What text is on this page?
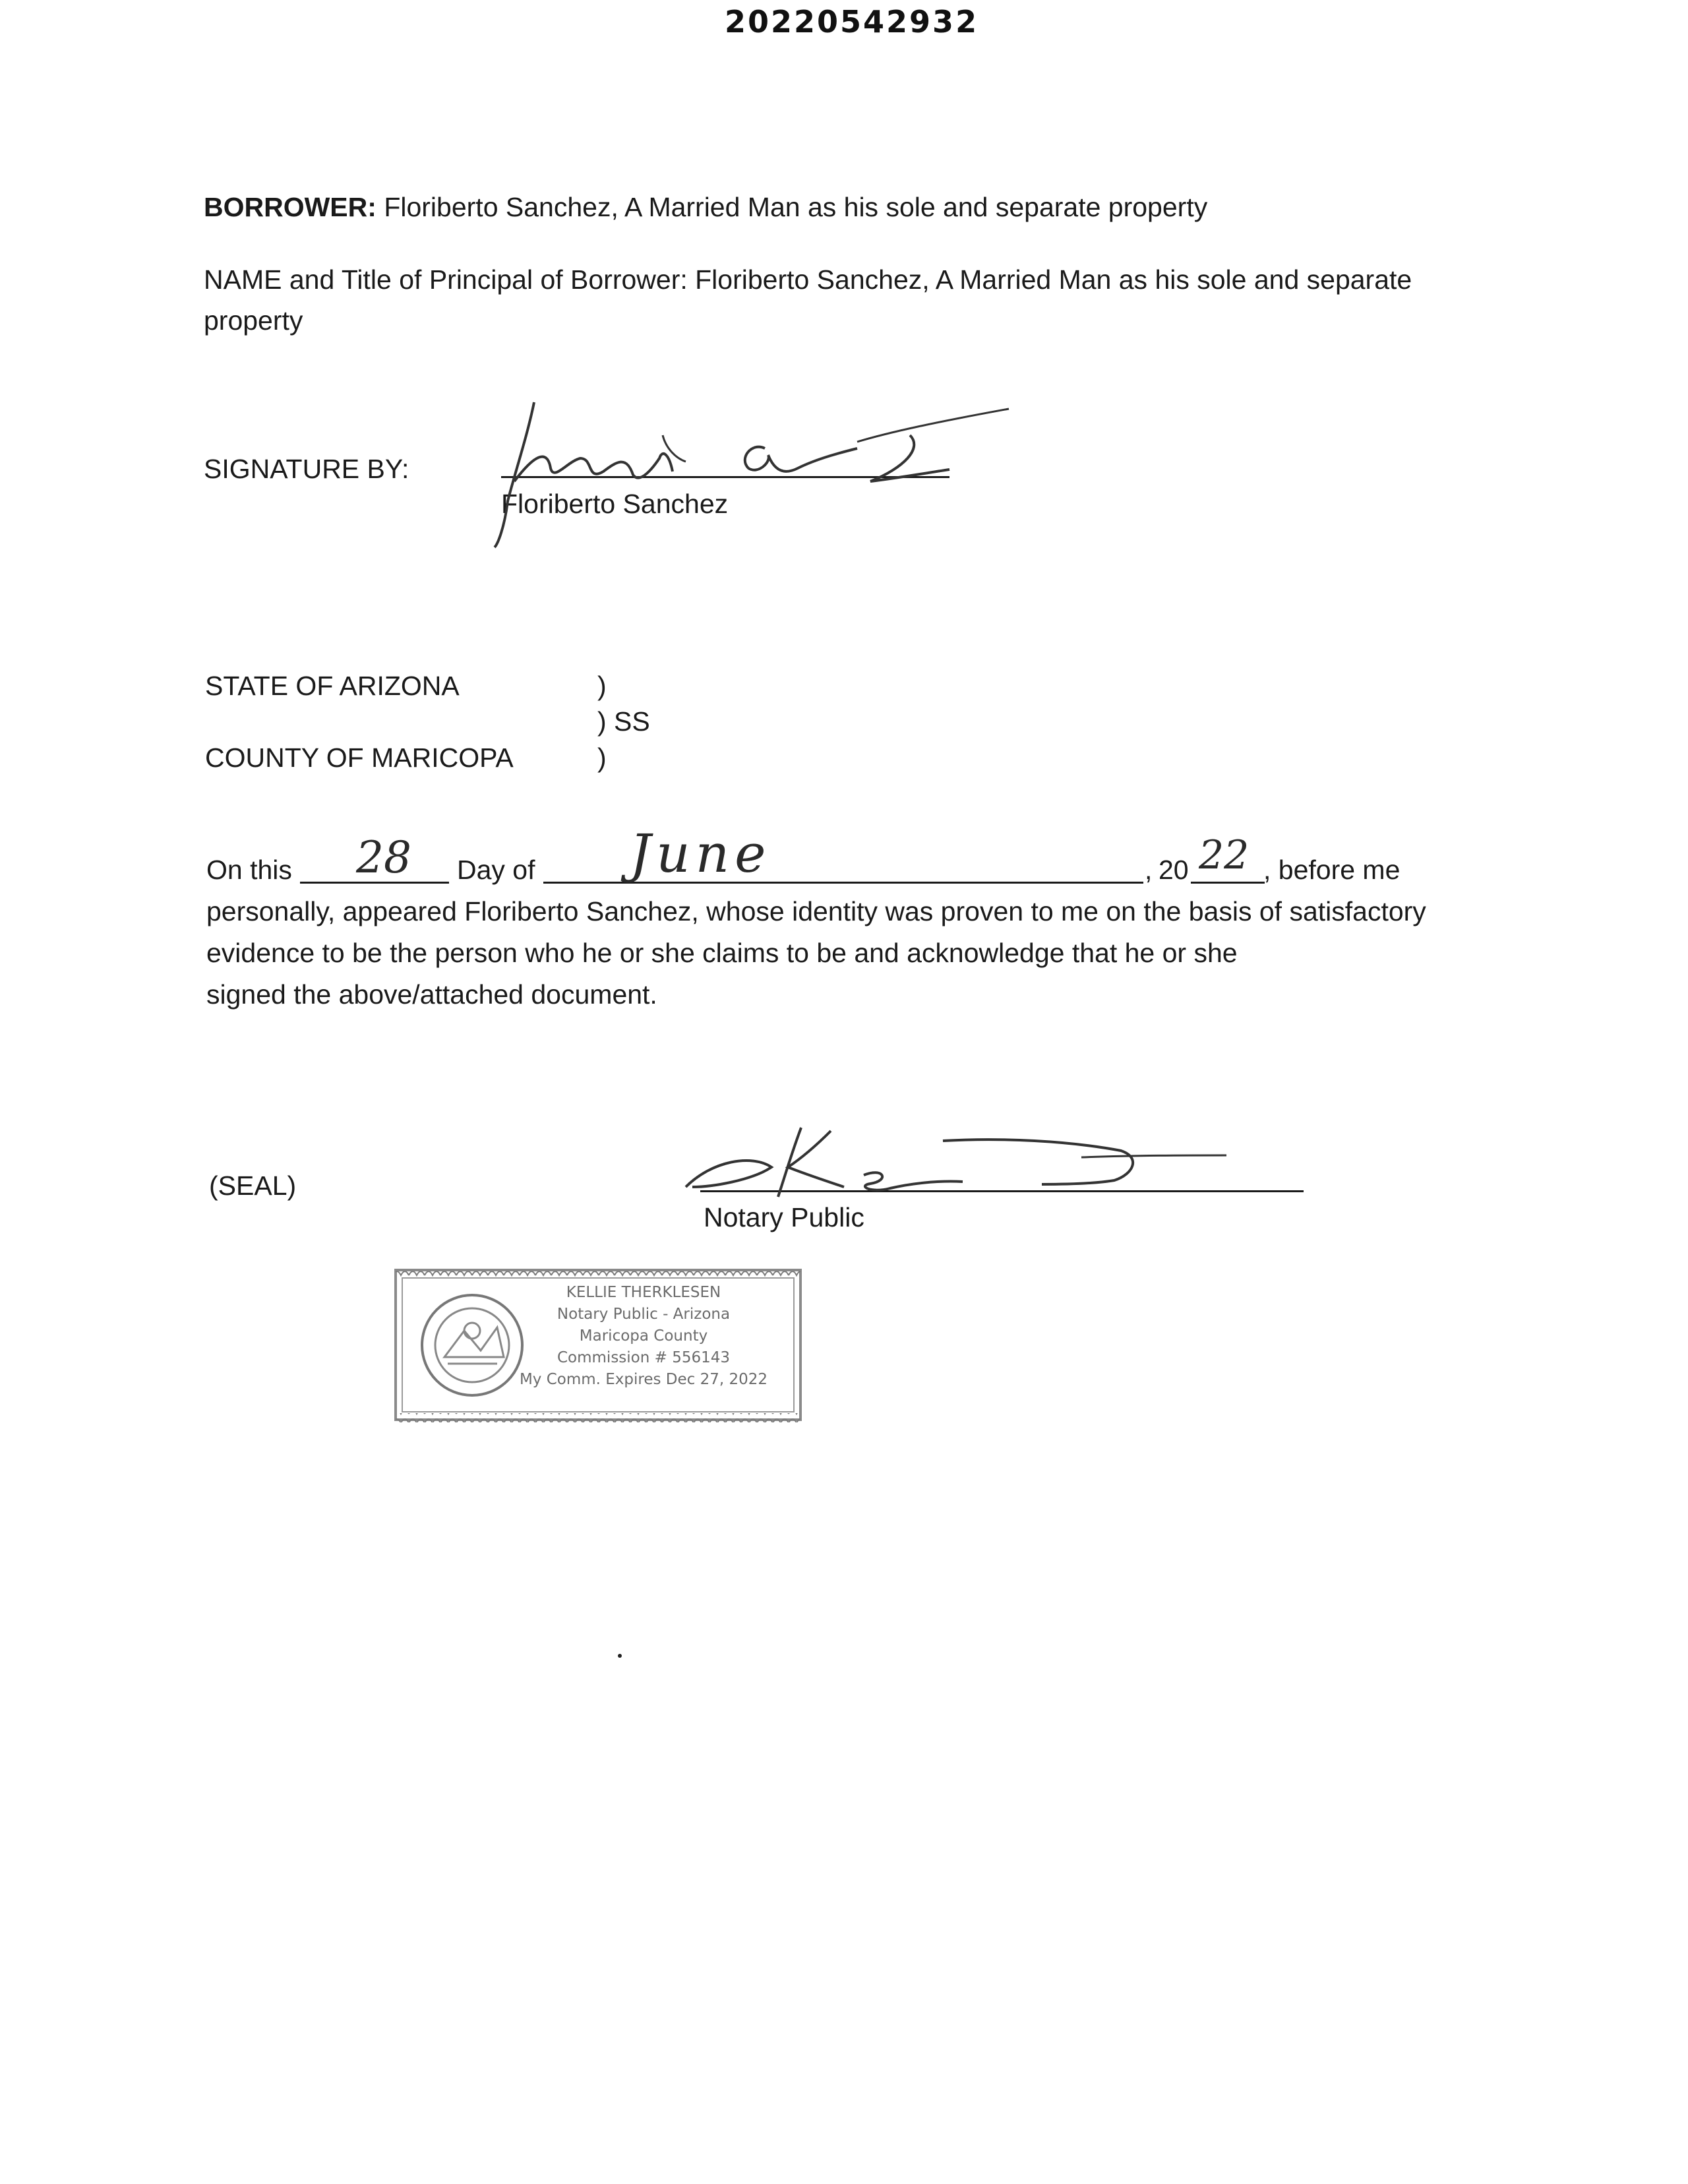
20220542932
BORROWER: Floriberto Sanchez, A Married Man as his sole and separate property
NAME and Title of Principal of Borrower: Floriberto Sanchez, A Married Man as his sole and separate
property
SIGNATURE BY:
Floriberto Sanchez
STATE OF ARIZONA	)
) SS
COUNTY OF MARICOPA	)
On this 28 Day of June	, 20 22 , before me
personally, appeared Floriberto Sanchez, whose identity was proven to me on the basis of satisfactory
evidence to be the person who he or she claims to be and acknowledge that he or she
signed the above/attached document.
(SEAL)
Notary Public
KELLIE THERKLESEN
Notary Public - Arizona
Maricopa County
Commission # 556143
My Comm. Expires Dec 27, 2022
